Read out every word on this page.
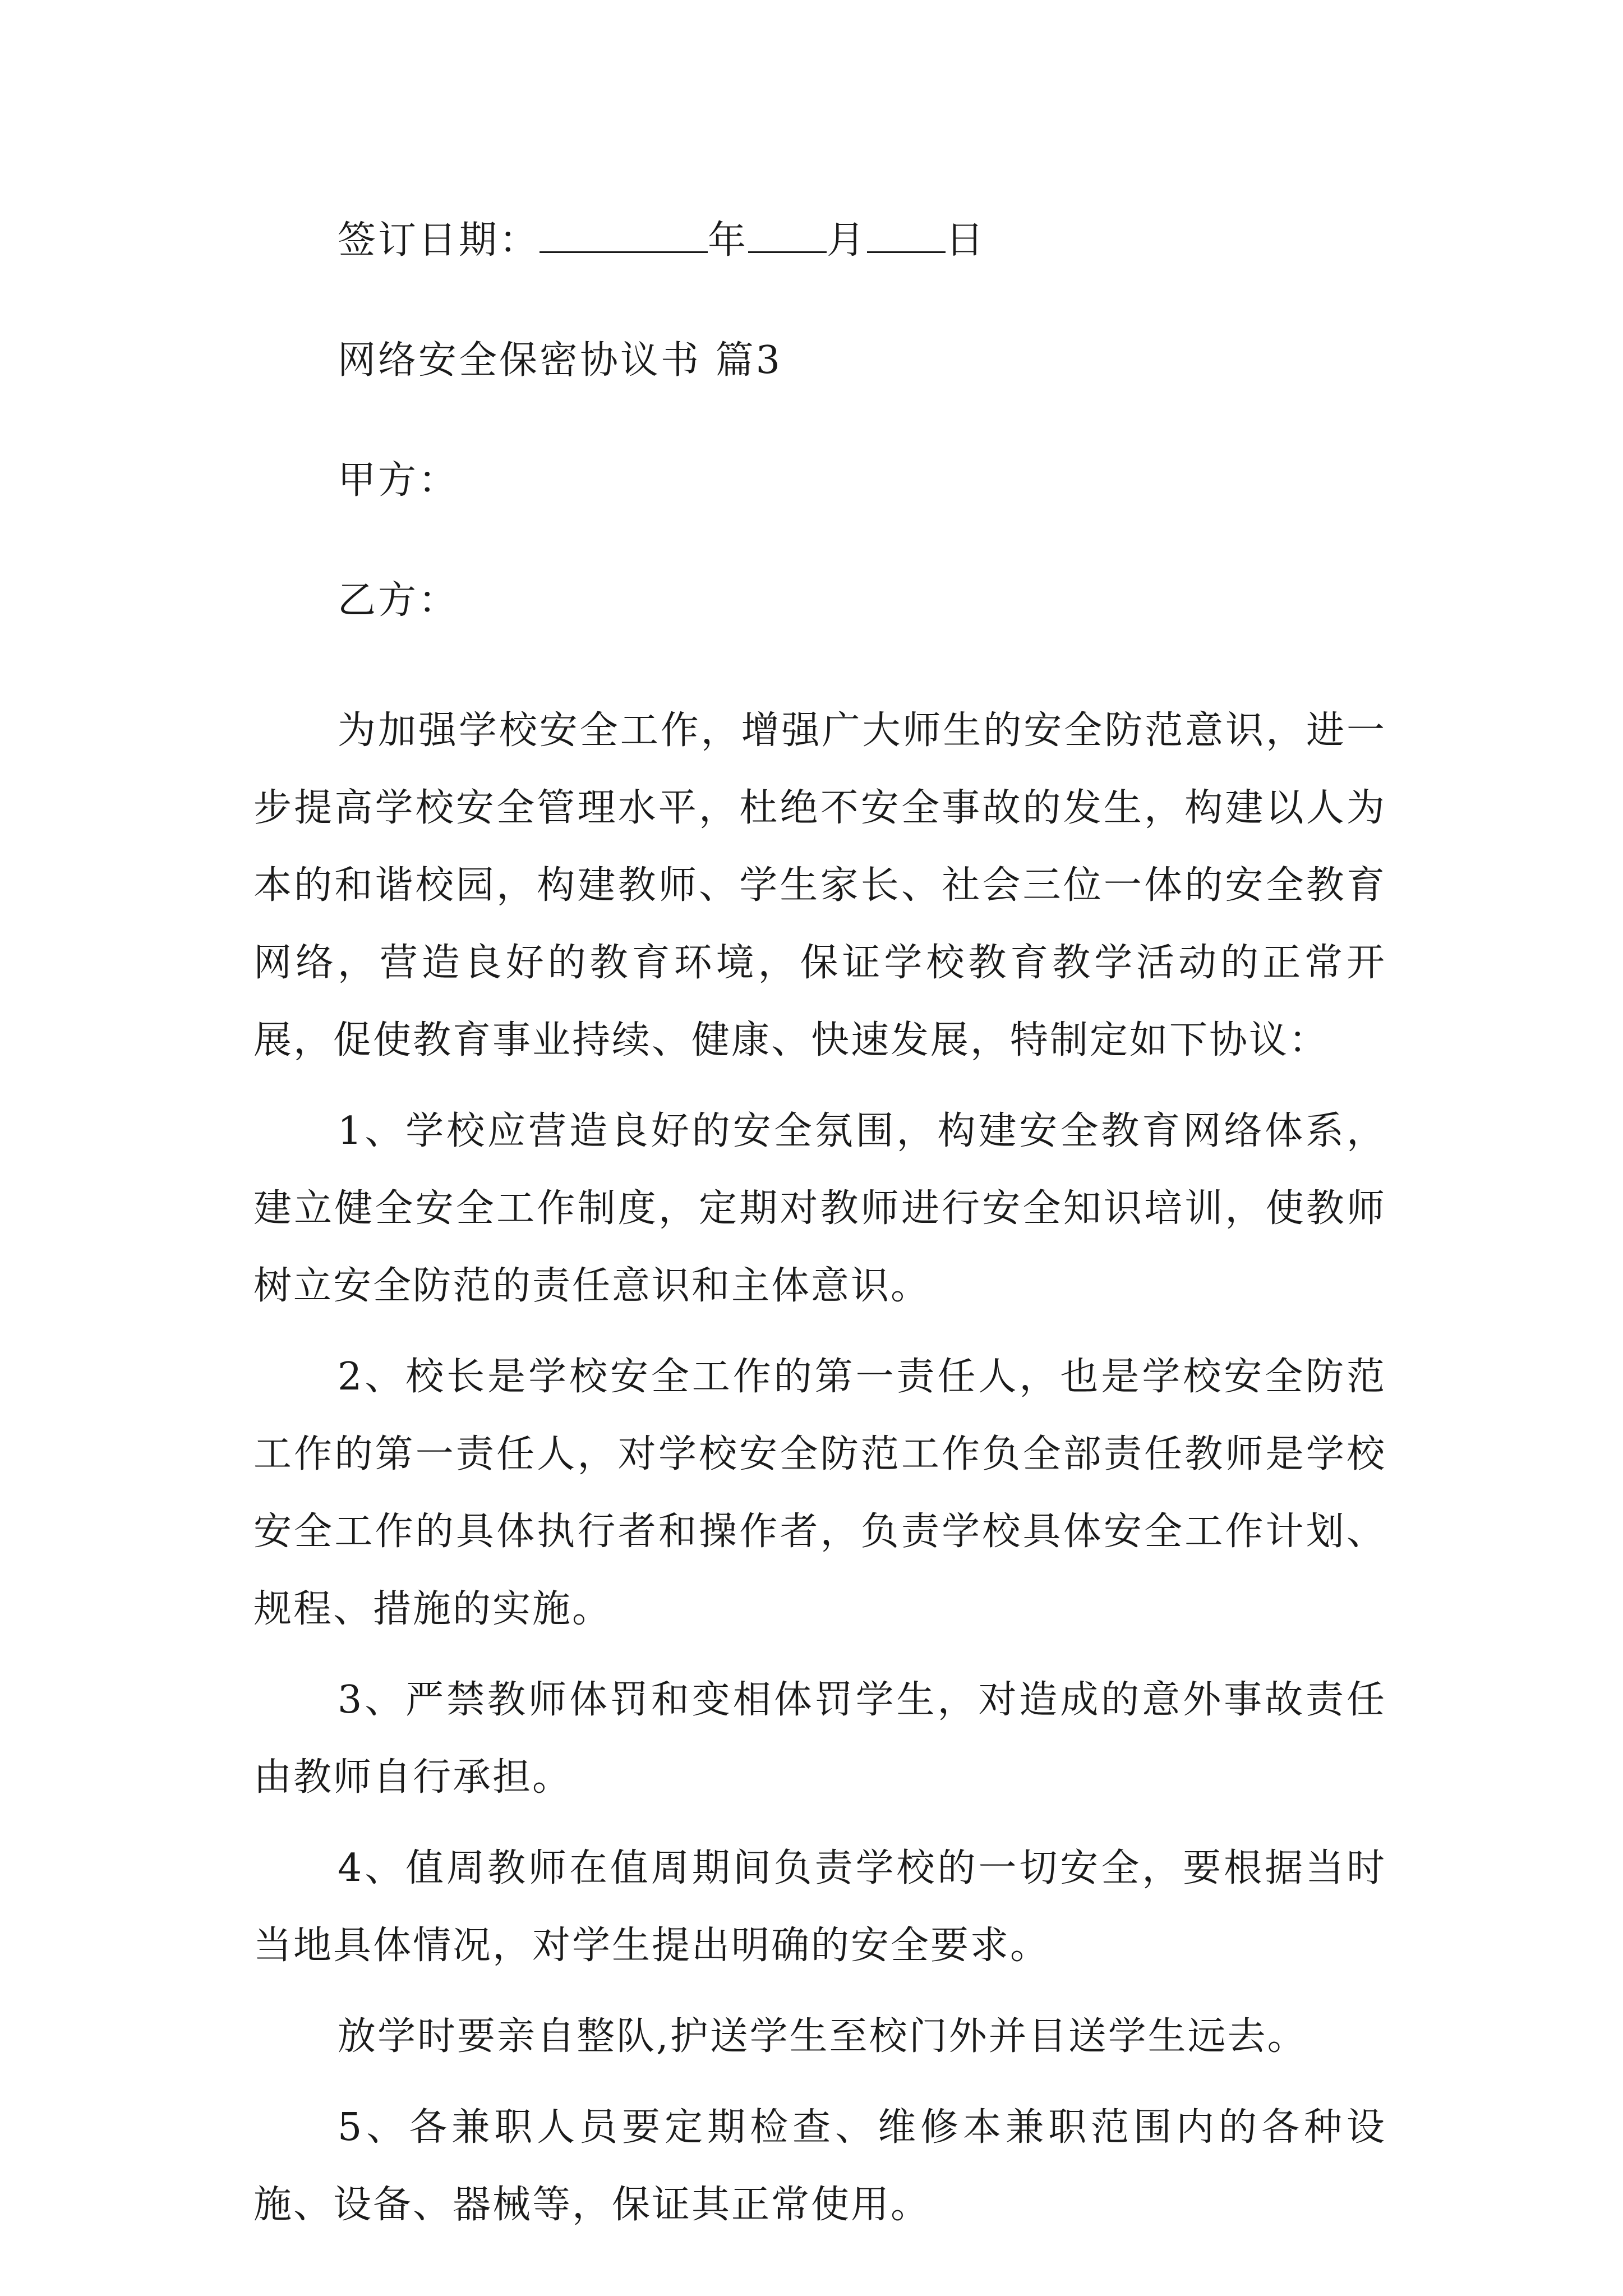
签订日期：	年 月 日
网络安全保密协议书 篇3
甲方：
乙方：

为加强学校安全工作，增强广大师生的安全防范意识，进一步提高学校安全管理水平，杜绝不安全事故的发生，构建以人为本的和谐校园，构建教师、学生家长、社会三位一体的安全教育网络，营造良好的教育环境，保证学校教育教学活动的正常开展，促使教育事业持续、健康、快速发展，特制定如下协议：

1、学校应营造良好的安全氛围，构建安全教育网络体系，建立健全安全工作制度，定期对教师进行安全知识培训，使教师树立安全防范的责任意识和主体意识。

2、校长是学校安全工作的第一责任人，也是学校安全防范工作的第一责任人，对学校安全防范工作负全部责任教师是学校安全工作的具体执行者和操作者，负责学校具体安全工作计划、规程、措施的实施。

3、严禁教师体罚和变相体罚学生，对造成的意外事故责任由教师自行承担。

4、值周教师在值周期间负责学校的一切安全，要根据当时当地具体情况，对学生提出明确的安全要求。

放学时要亲自整队,护送学生至校门外并目送学生远去。

5、各兼职人员要定期检查、维修本兼职范围内的各种设施、设备、器械等，保证其正常使用。
